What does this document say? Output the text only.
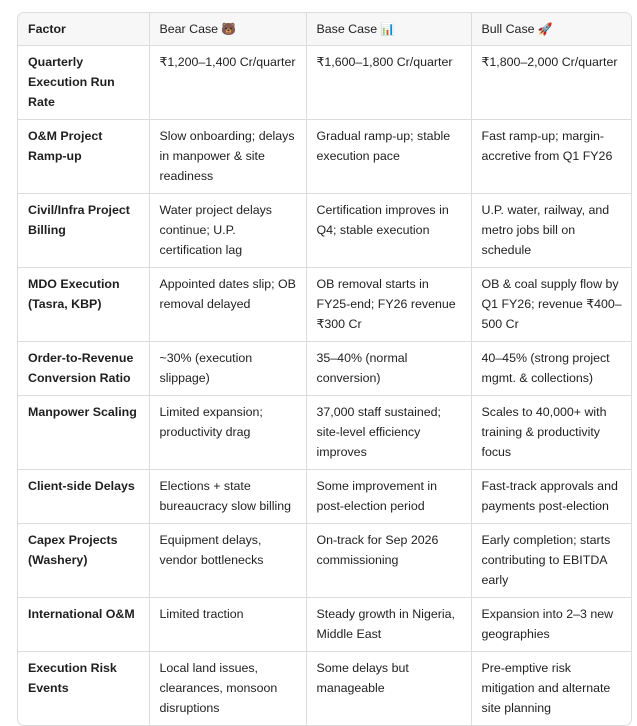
Factor	Bear Case 🐻	Base Case 📊	Bull Case 🚀
Quarterly Execution Run Rate	₹1,200–1,400 Cr/quarter	₹1,600–1,800 Cr/quarter	₹1,800–2,000 Cr/quarter
O&M Project Ramp-up	Slow onboarding; delays in manpower & site readiness	Gradual ramp-up; stable execution pace	Fast ramp-up; margin-accretive from Q1 FY26
Civil/Infra Project Billing	Water project delays continue; U.P. certification lag	Certification improves in Q4; stable execution	U.P. water, railway, and metro jobs bill on schedule
MDO Execution (Tasra, KBP)	Appointed dates slip; OB removal delayed	OB removal starts in FY25-end; FY26 revenue ₹300 Cr	OB & coal supply flow by Q1 FY26; revenue ₹400–500 Cr
Order-to-Revenue Conversion Ratio	~30% (execution slippage)	35–40% (normal conversion)	40–45% (strong project mgmt. & collections)
Manpower Scaling	Limited expansion; productivity drag	37,000 staff sustained; site-level efficiency improves	Scales to 40,000+ with training & productivity focus
Client-side Delays	Elections + state bureaucracy slow billing	Some improvement in post-election period	Fast-track approvals and payments post-election
Capex Projects (Washery)	Equipment delays, vendor bottlenecks	On-track for Sep 2026 commissioning	Early completion; starts contributing to EBITDA early
International O&M	Limited traction	Steady growth in Nigeria, Middle East	Expansion into 2–3 new geographies
Execution Risk Events	Local land issues, clearances, monsoon disruptions	Some delays but manageable	Pre-emptive risk mitigation and alternate site planning
